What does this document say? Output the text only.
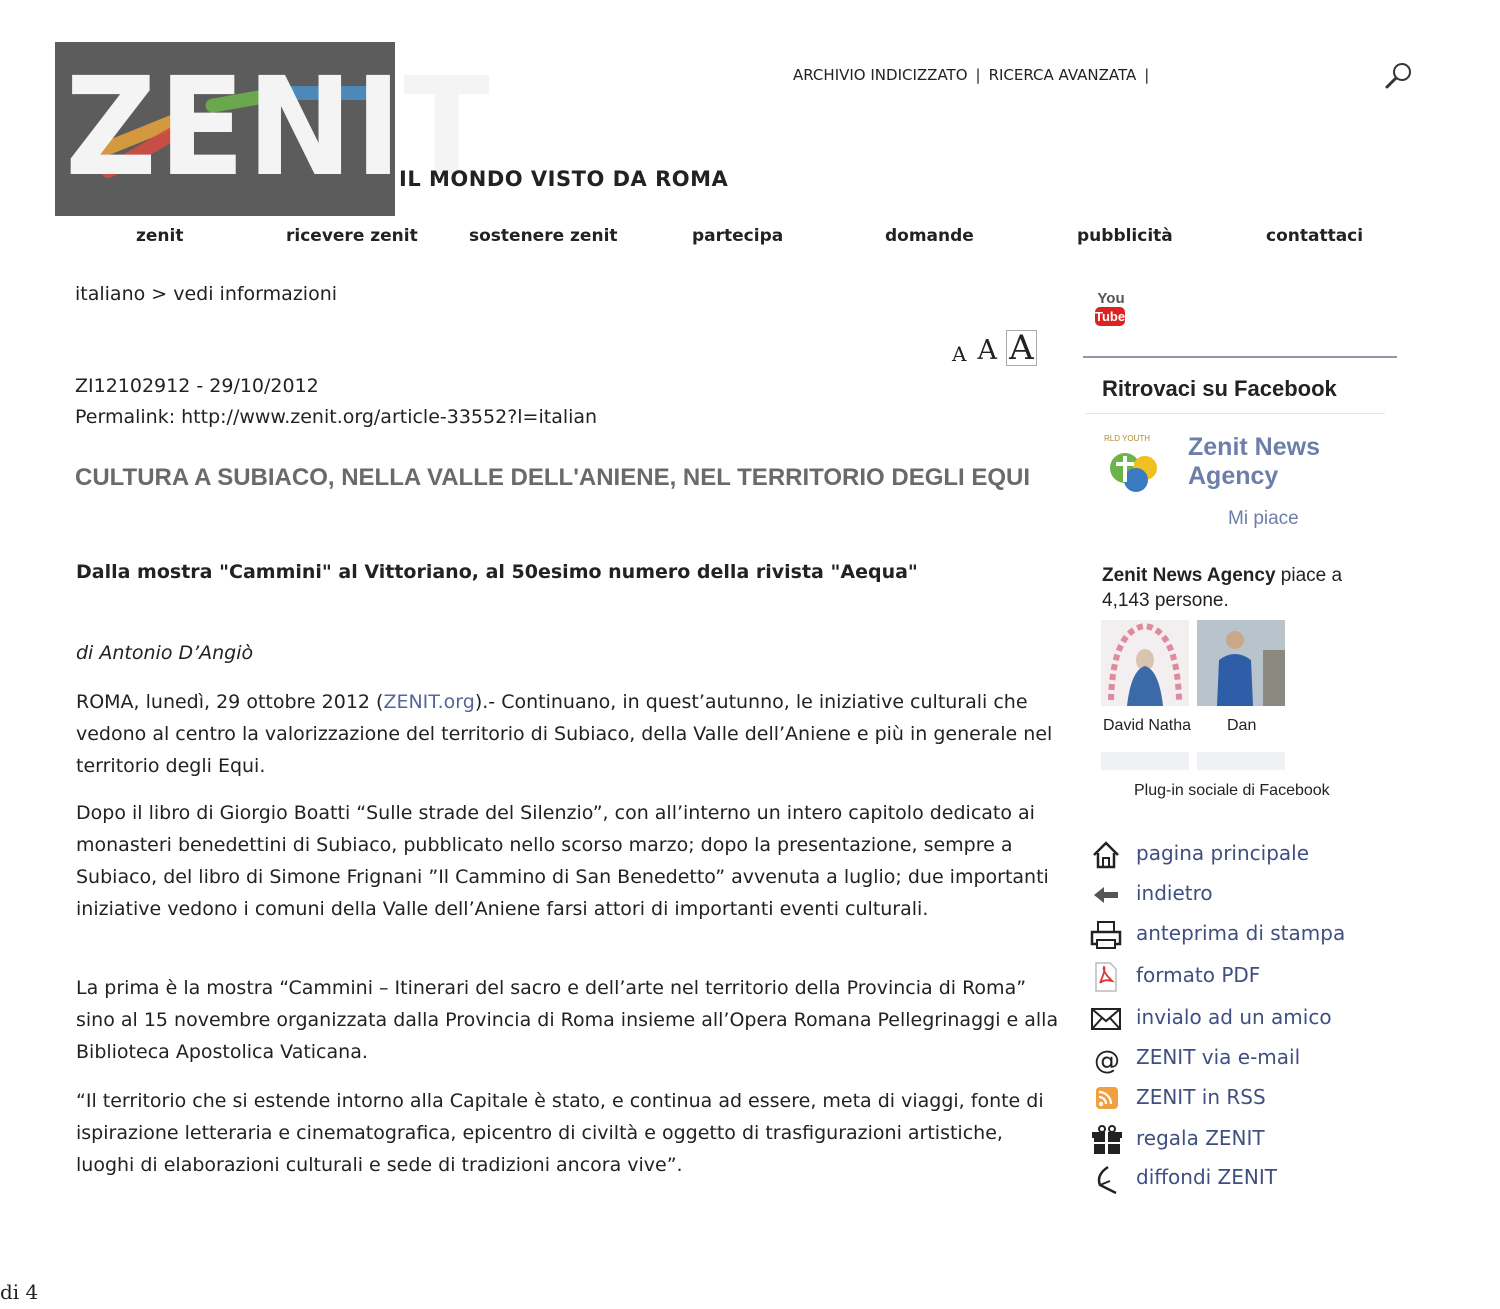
ZENIT
IL MONDO VISTO DA ROMA
ARCHIVIO INDICIZZATO | RICERCA AVANZATA |
zenit	ricevere zenit	sostenere zenit	partecipa	domande	pubblicità	contattaci
italiano > vedi informazioni
A A A
ZI12102912 - 29/10/2012
Permalink: http://www.zenit.org/article-33552?l=italian
CULTURA A SUBIACO, NELLA VALLE DELL'ANIENE, NEL TERRITORIO DEGLI EQUI
Dalla mostra "Cammini" al Vittoriano, al 50esimo numero della rivista "Aequa"
di Antonio D’Angiò
ROMA, lunedì, 29 ottobre 2012 (ZENIT.org).- Continuano, in quest’autunno, le iniziative culturali che vedono al centro la valorizzazione del territorio di Subiaco, della Valle dell’Aniene e più in generale nel territorio degli Equi.
Dopo il libro di Giorgio Boatti “Sulle strade del Silenzio”, con all’interno un intero capitolo dedicato ai monasteri benedettini di Subiaco, pubblicato nello scorso marzo; dopo la presentazione, sempre a Subiaco, del libro di Simone Frignani ”Il Cammino di San Benedetto” avvenuta a luglio; due importanti iniziative vedono i comuni della Valle dell’Aniene farsi attori di importanti eventi culturali.
La prima è la mostra “Cammini – Itinerari del sacro e dell’arte nel territorio della Provincia di Roma” sino al 15 novembre organizzata dalla Provincia di Roma insieme all’Opera Romana Pellegrinaggi e alla Biblioteca Apostolica Vaticana.
“Il territorio che si estende intorno alla Capitale è stato, e continua ad essere, meta di viaggi, fonte di ispirazione letteraria e cinematografica, epicentro di civiltà e oggetto di trasfigurazioni artistiche, luoghi di elaborazioni culturali e sede di tradizioni ancora vive”.
You
Tube
Ritrovaci su Facebook
RLD YOUTH Zenit News
Agency
Mi piace
Zenit News Agency piace a 4,143 persone.
David Natha Dan
Plug-in sociale di Facebook
pagina principale
indietro
anteprima di stampa
formato PDF
invialo ad un amico
@ ZENIT via e-mail
ZENIT in RSS
regala ZENIT
diffondi ZENIT
di 4
